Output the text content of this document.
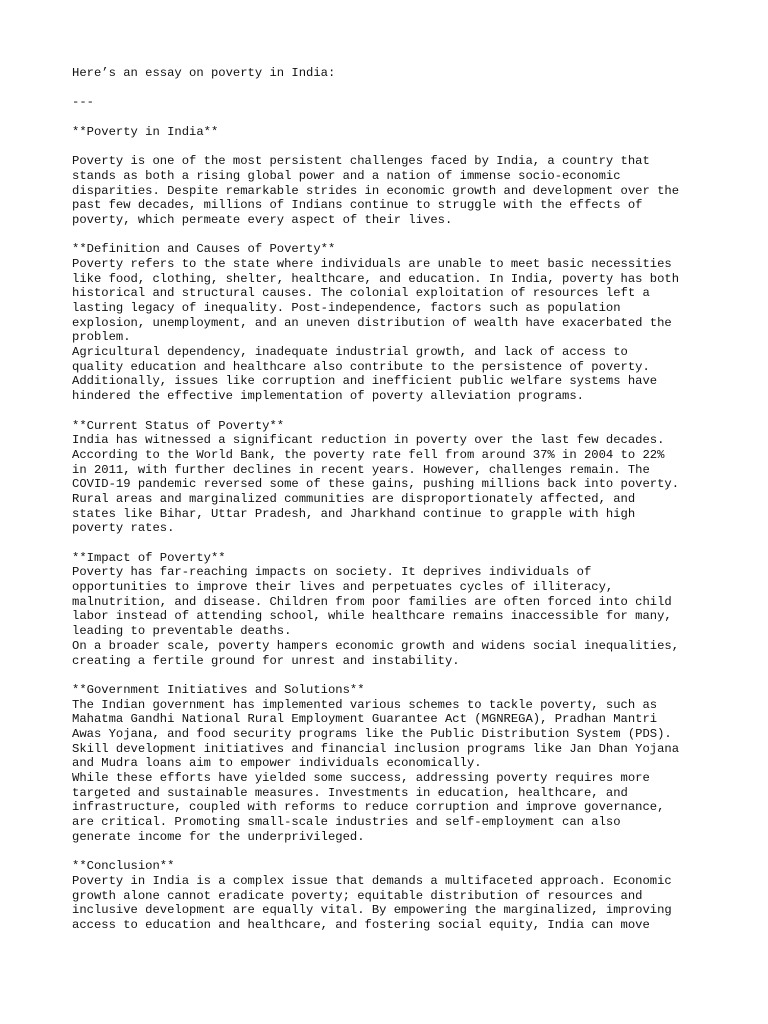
Here’s an essay on poverty in India:
---
**Poverty in India**
Poverty is one of the most persistent challenges faced by India, a country that
stands as both a rising global power and a nation of immense socio-economic
disparities. Despite remarkable strides in economic growth and development over the
past few decades, millions of Indians continue to struggle with the effects of
poverty, which permeate every aspect of their lives.
**Definition and Causes of Poverty**
Poverty refers to the state where individuals are unable to meet basic necessities
like food, clothing, shelter, healthcare, and education. In India, poverty has both
historical and structural causes. The colonial exploitation of resources left a
lasting legacy of inequality. Post-independence, factors such as population
explosion, unemployment, and an uneven distribution of wealth have exacerbated the
problem.
Agricultural dependency, inadequate industrial growth, and lack of access to
quality education and healthcare also contribute to the persistence of poverty.
Additionally, issues like corruption and inefficient public welfare systems have
hindered the effective implementation of poverty alleviation programs.
**Current Status of Poverty**
India has witnessed a significant reduction in poverty over the last few decades.
According to the World Bank, the poverty rate fell from around 37% in 2004 to 22%
in 2011, with further declines in recent years. However, challenges remain. The
COVID-19 pandemic reversed some of these gains, pushing millions back into poverty.
Rural areas and marginalized communities are disproportionately affected, and
states like Bihar, Uttar Pradesh, and Jharkhand continue to grapple with high
poverty rates.
**Impact of Poverty**
Poverty has far-reaching impacts on society. It deprives individuals of
opportunities to improve their lives and perpetuates cycles of illiteracy,
malnutrition, and disease. Children from poor families are often forced into child
labor instead of attending school, while healthcare remains inaccessible for many,
leading to preventable deaths.
On a broader scale, poverty hampers economic growth and widens social inequalities,
creating a fertile ground for unrest and instability.
**Government Initiatives and Solutions**
The Indian government has implemented various schemes to tackle poverty, such as
Mahatma Gandhi National Rural Employment Guarantee Act (MGNREGA), Pradhan Mantri
Awas Yojana, and food security programs like the Public Distribution System (PDS).
Skill development initiatives and financial inclusion programs like Jan Dhan Yojana
and Mudra loans aim to empower individuals economically.
While these efforts have yielded some success, addressing poverty requires more
targeted and sustainable measures. Investments in education, healthcare, and
infrastructure, coupled with reforms to reduce corruption and improve governance,
are critical. Promoting small-scale industries and self-employment can also
generate income for the underprivileged.
**Conclusion**
Poverty in India is a complex issue that demands a multifaceted approach. Economic
growth alone cannot eradicate poverty; equitable distribution of resources and
inclusive development are equally vital. By empowering the marginalized, improving
access to education and healthcare, and fostering social equity, India can move
